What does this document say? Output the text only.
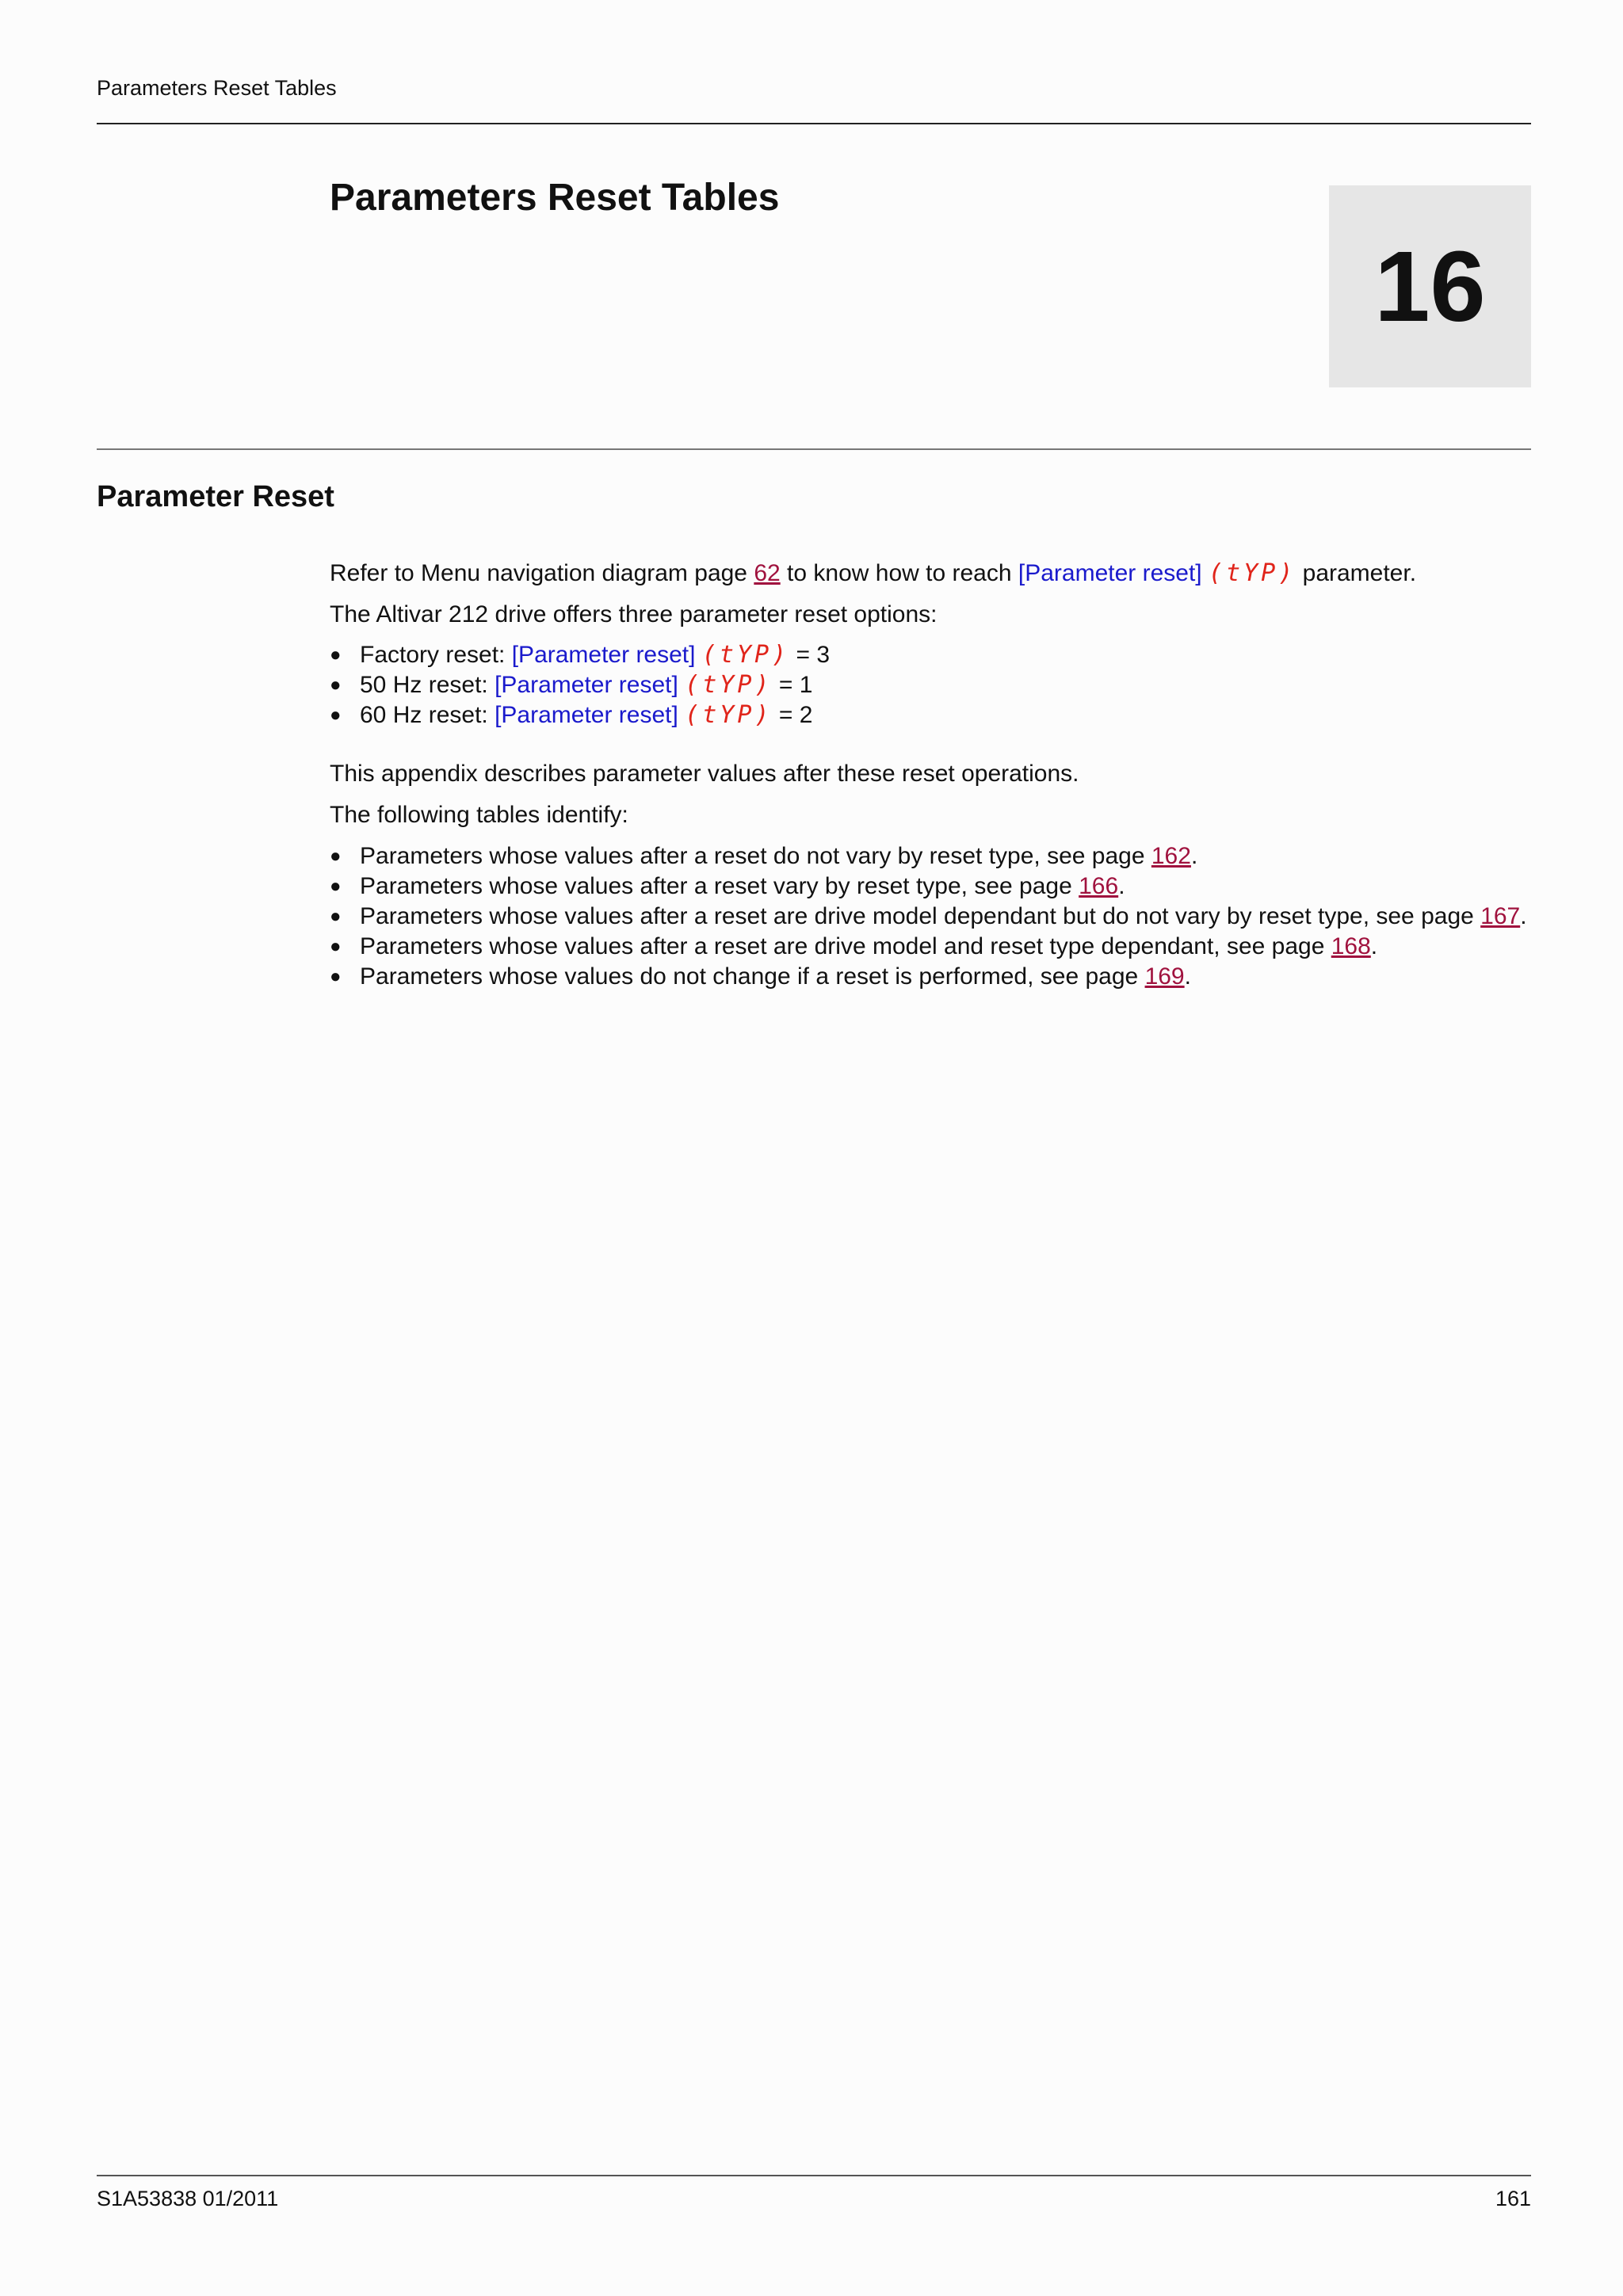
Parameters Reset Tables
Parameters Reset Tables
16
Parameter Reset
Refer to Menu navigation diagram page 62 to know how to reach [Parameter reset] (tYP) parameter.
The Altivar 212 drive offers three parameter reset options:
● Factory reset: [Parameter reset] (tYP) = 3
● 50 Hz reset: [Parameter reset] (tYP) = 1
● 60 Hz reset: [Parameter reset] (tYP) = 2
This appendix describes parameter values after these reset operations.
The following tables identify:
● Parameters whose values after a reset do not vary by reset type, see page 162.
● Parameters whose values after a reset vary by reset type, see page 166.
● Parameters whose values after a reset are drive model dependant but do not vary by reset type, see page 167.
● Parameters whose values after a reset are drive model and reset type dependant, see page 168.
● Parameters whose values do not change if a reset is performed, see page 169.
S1A53838 01/2011	161
